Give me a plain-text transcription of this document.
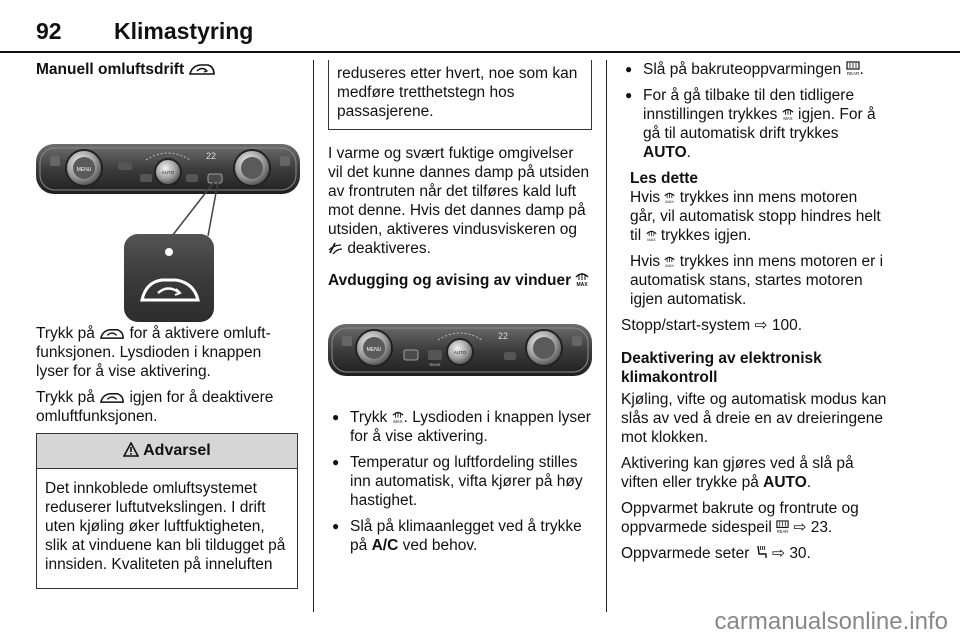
92 Klimastyring
Manuell omluftsdrift
MENU	AUTO
22

Trykk på for å aktivere omluftfunksjonen. Lysdioden i knappen lyser for å vise aktivering.

Trykk på igjen for å deaktivere omluftfunksjonen.

Advarsel
Det innkoblede omluftsystemet reduserer luftutvekslingen. I drift uten kjøling øker luftfuktigheten, slik at vinduene kan bli tildugget på innsiden. Kvaliteten på inneluften
reduseres etter hvert, noe som kan medføre tretthetstegn hos passasjerene.

I varme og svært fuktige omgivelser vil det kunne dannes damp på utsiden av frontruten når det tilføres kald luft mot denne. Hvis det dannes damp på utsiden, aktiveres vindusviskeren og  deaktiveres.

Avdugging og avising av vinduer MAX
MENU	AUTO
22
REAR
● Trykk MAX . Lysdioden i knappen lyser for å vise aktivering.
● Temperatur og luftfordeling stilles inn automatisk, vifta kjører på høy hastighet.
● Slå på klimaanlegget ved å trykke på A/C ved behov.
● Slå på bakruteoppvarmingen REAR .
● For å gå tilbake til den tidligere innstillingen trykkes MAX igjen. For å gå til automatisk drift trykkes AUTO.
Les dette

Hvis MAX trykkes inn mens motoren går, vil automatisk stopp hindres helt til MAX trykkes igjen.

Hvis MAX trykkes inn mens motoren er i automatisk stans, startes motoren igjen automatisk.

Stopp/start-system ⇨ 100.

Deaktivering av elektronisk klimakontroll

Kjøling, vifte og automatisk modus kan slås av ved å dreie en av dreieringene mot klokken.

Aktivering kan gjøres ved å slå på viften eller trykke på AUTO.

Oppvarmet bakrute og frontrute og oppvarmede sidespeil REAR ⇨ 23.

Oppvarmede seter ⇨ 30.

carmanualsonline.info
